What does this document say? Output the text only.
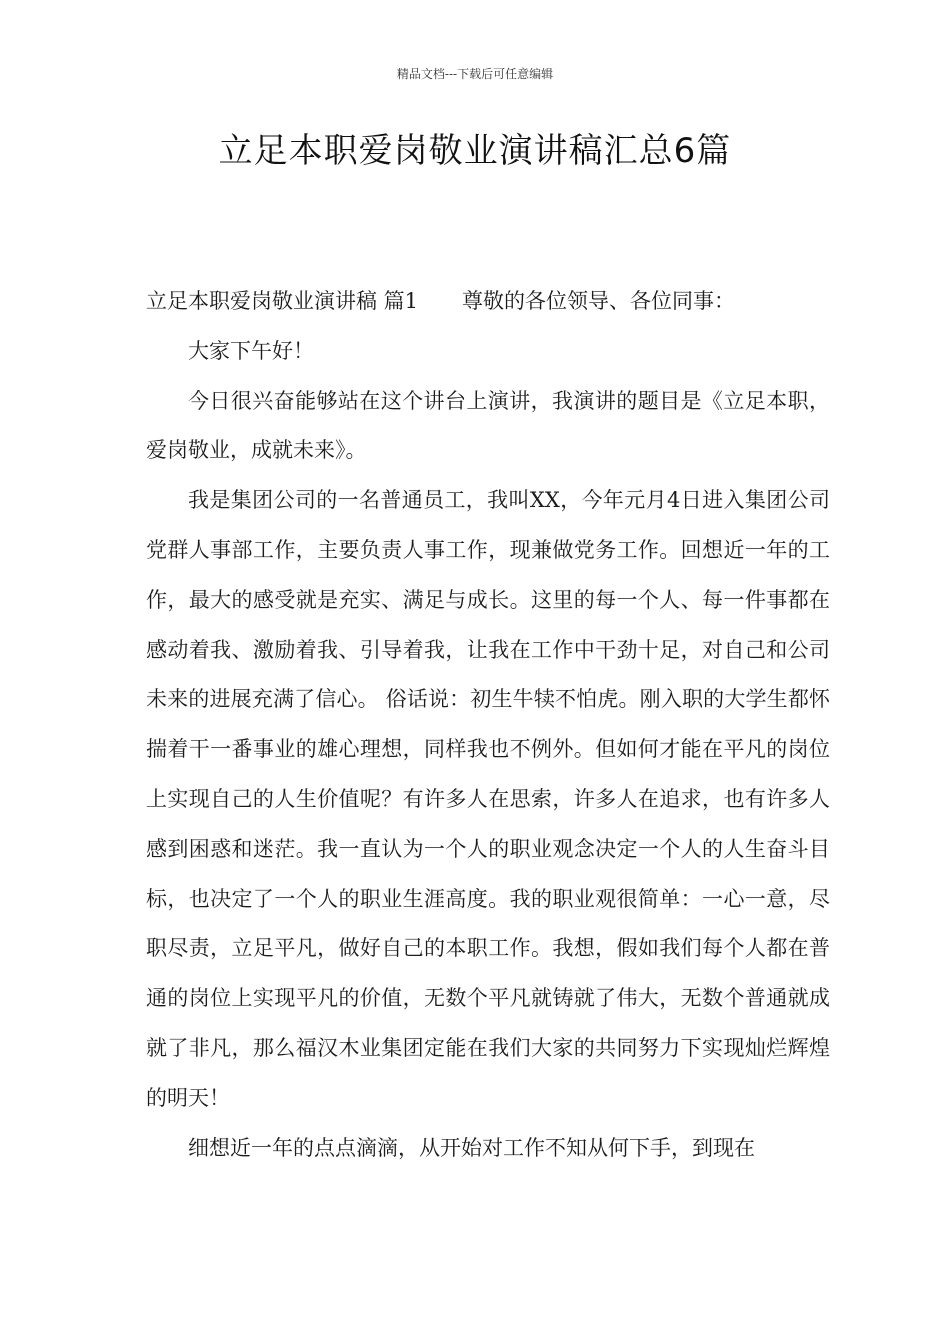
精品文档---下载后可任意编辑
立足本职爱岗敬业演讲稿汇总6篇

立足本职爱岗敬业演讲稿 篇1 尊敬的各位领导、各位同事：

大家下午好！

今日很兴奋能够站在这个讲台上演讲，我演讲的题目是《立足本职，爱岗敬业，成就未来》。

我是集团公司的一名普通员工，我叫XX，今年元月4日进入集团公司党群人事部工作，主要负责人事工作，现兼做党务工作。回想近一年的工作，最大的感受就是充实、满足与成长。这里的每一个人、每一件事都在感动着我、激励着我、引导着我，让我在工作中干劲十足，对自己和公司未来的进展充满了信心。 俗话说：初生牛犊不怕虎。刚入职的大学生都怀揣着干一番事业的雄心理想，同样我也不例外。但如何才能在平凡的岗位上实现自己的人生价值呢？有许多人在思索，许多人在追求，也有许多人感到困惑和迷茫。我一直认为一个人的职业观念决定一个人的人生奋斗目标，也决定了一个人的职业生涯高度。我的职业观很简单：一心一意，尽职尽责，立足平凡，做好自己的本职工作。我想，假如我们每个人都在普通的岗位上实现平凡的价值，无数个平凡就铸就了伟大，无数个普通就成就了非凡，那么福汉木业集团定能在我们大家的共同努力下实现灿烂辉煌的明天！

细想近一年的点点滴滴，从开始对工作不知从何下手，到现在
